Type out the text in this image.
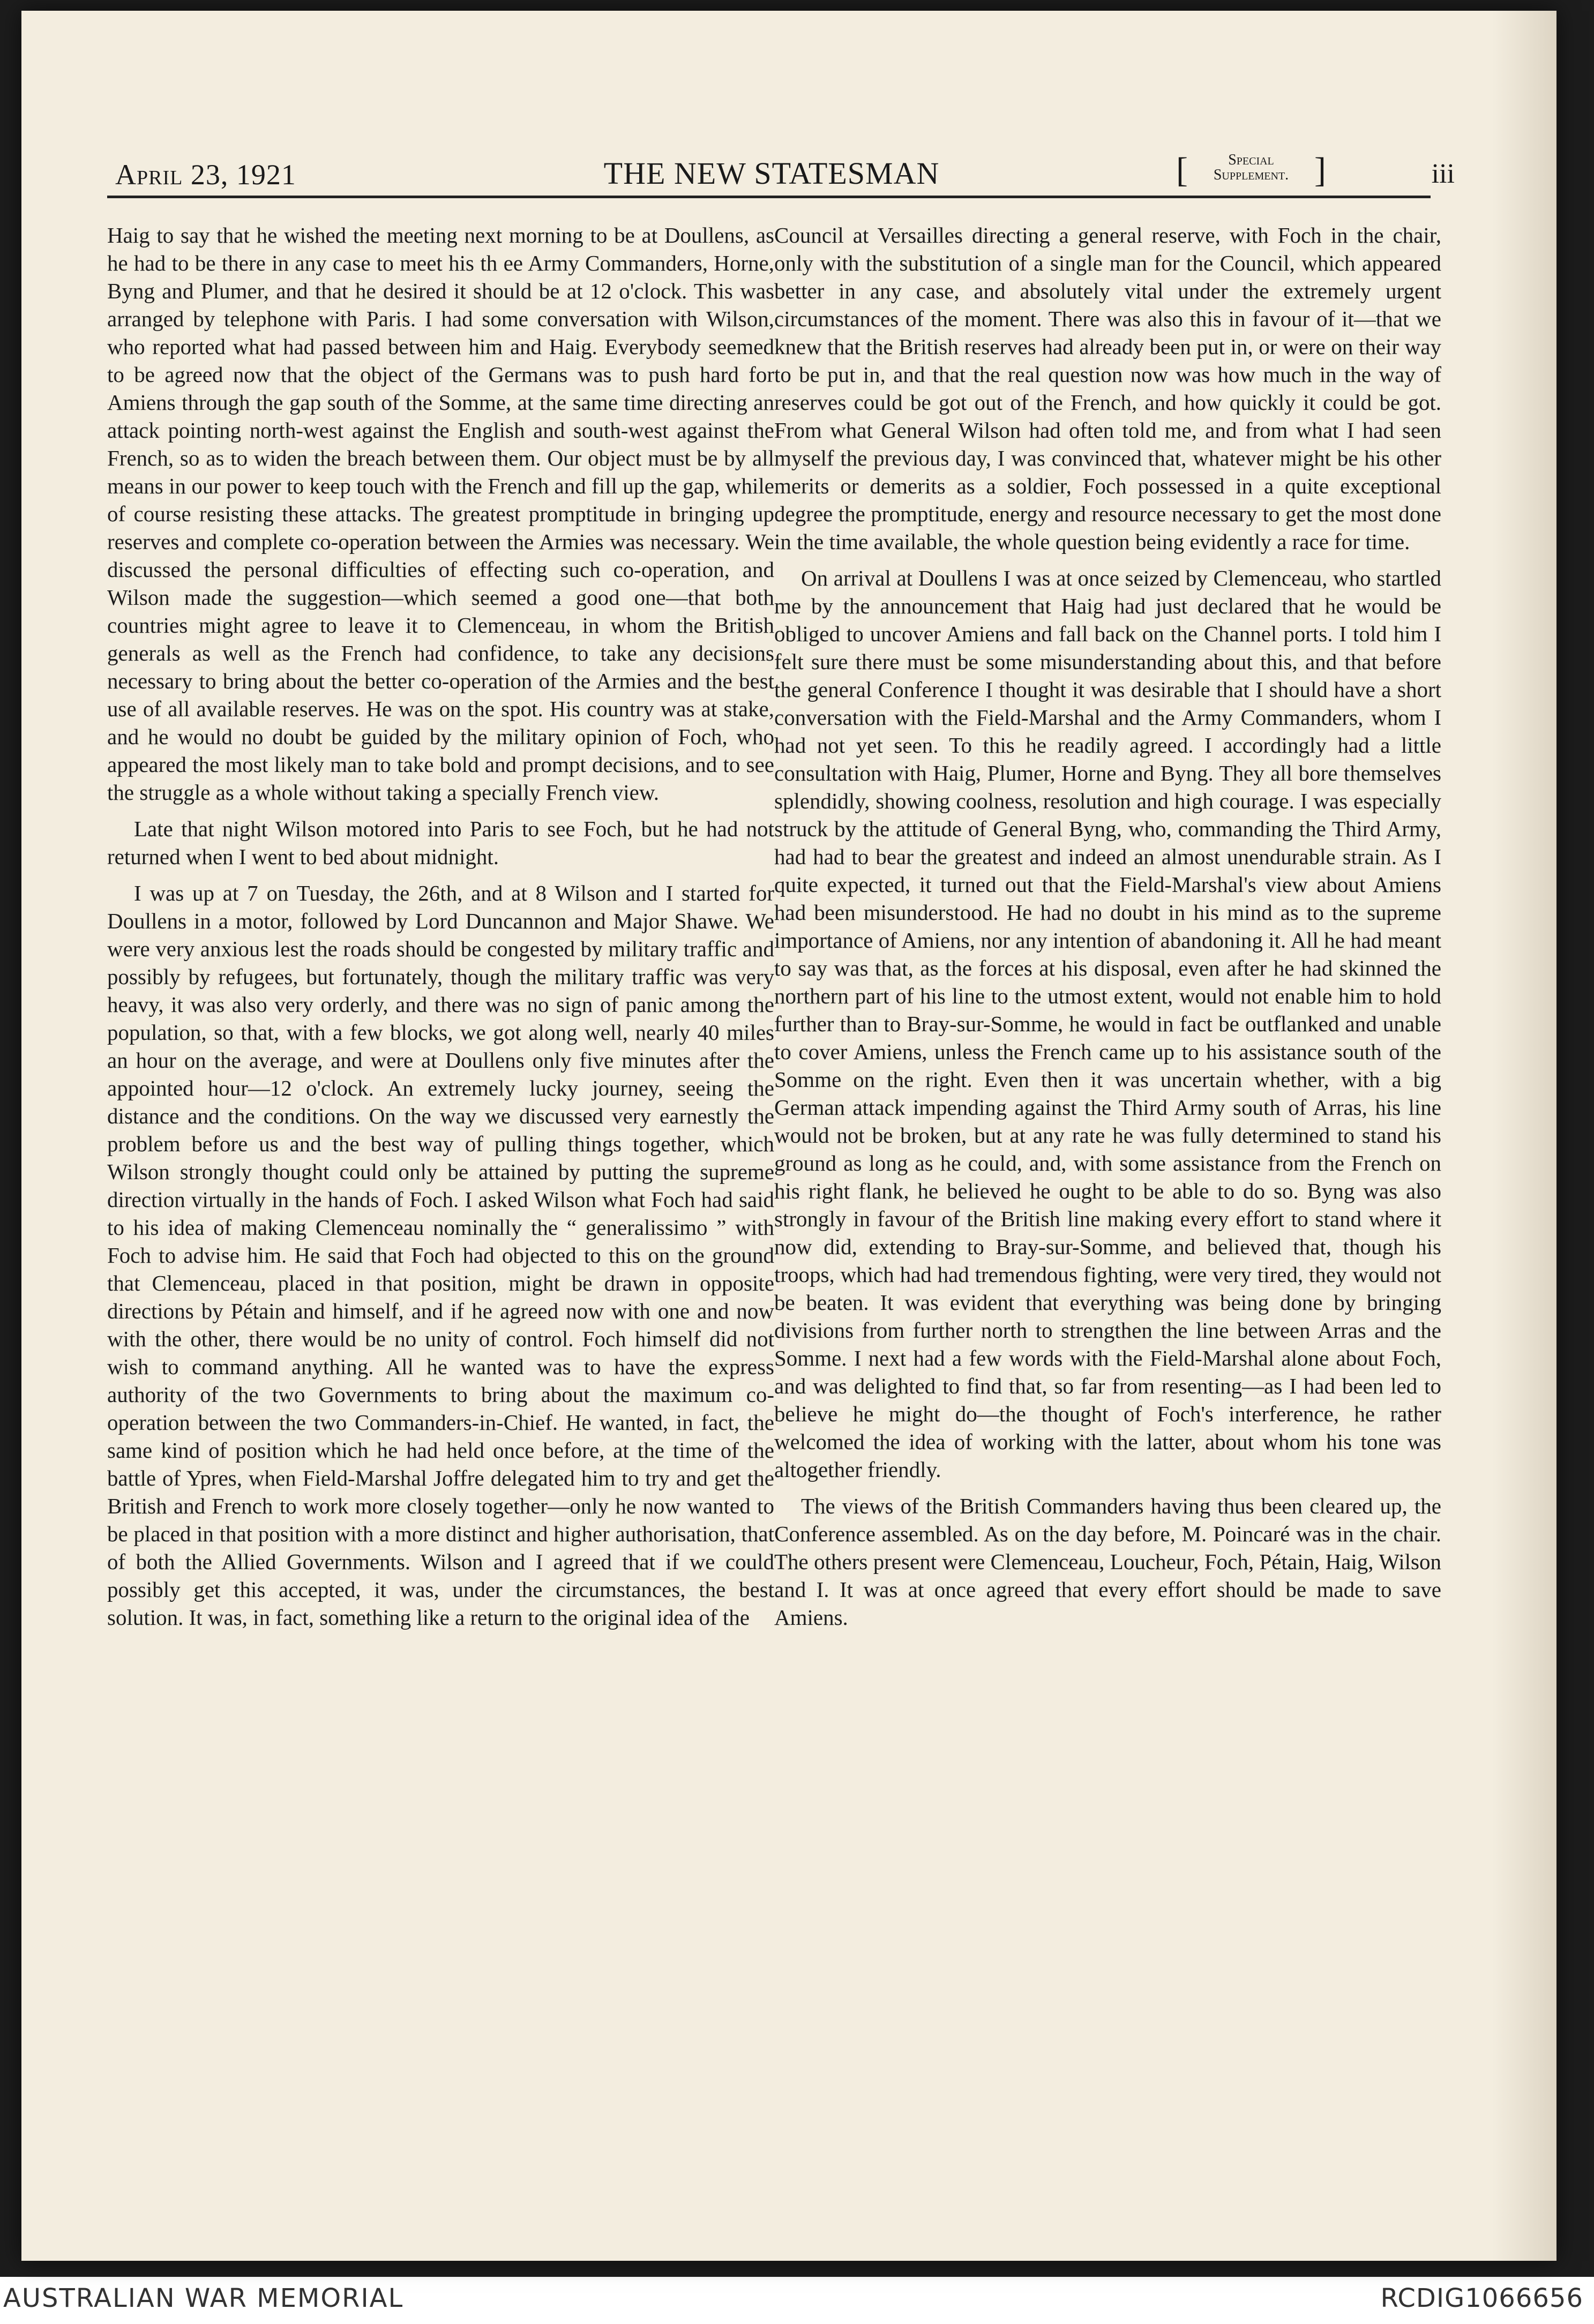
April 23, 1921	THE NEW STATESMAN	[	Special
Supplement. ]	iii

Haig to say that he wished the meeting next morning to be at Doullens, as he had to be there in any case to meet his th ee Army Commanders, Horne, Byng and Plumer, and that he desired it should be at 12 o'clock. This was arranged by telephone with Paris. I had some conversation with Wilson, who reported what had passed between him and Haig. Everybody seemed to be agreed now that the object of the Germans was to push hard for Amiens through the gap south of the Somme, at the same time directing an attack pointing north-west against the English and south-west against the French, so as to widen the breach between them. Our object must be by all means in our power to keep touch with the French and fill up the gap, while of course resisting these attacks. The greatest promptitude in bringing up reserves and complete co-operation between the Armies was necessary. We discussed the personal difficulties of effecting such co-operation, and Wilson made the suggestion—which seemed a good one—that both countries might agree to leave it to Clemenceau, in whom the British generals as well as the French had confidence, to take any decisions necessary to bring about the better co-operation of the Armies and the best use of all available reserves. He was on the spot. His country was at stake, and he would no doubt be guided by the military opinion of Foch, who appeared the most likely man to take bold and prompt decisions, and to see the struggle as a whole without taking a specially French view.

Late that night Wilson motored into Paris to see Foch, but he had not returned when I went to bed about midnight.

I was up at 7 on Tuesday, the 26th, and at 8 Wilson and I started for Doullens in a motor, followed by Lord Duncannon and Major Shawe. We were very anxious lest the roads should be congested by military traffic and possibly by refugees, but fortunately, though the military traffic was very heavy, it was also very orderly, and there was no sign of panic among the population, so that, with a few blocks, we got along well, nearly 40 miles an hour on the average, and were at Doullens only five minutes after the appointed hour—12 o'clock. An extremely lucky journey, seeing the distance and the conditions. On the way we discussed very earnestly the problem before us and the best way of pulling things together, which Wilson strongly thought could only be attained by putting the supreme direction virtually in the hands of Foch. I asked Wilson what Foch had said to his idea of making Clemenceau nominally the “ generalissimo ” with Foch to advise him. He said that Foch had objected to this on the ground that Clemenceau, placed in that position, might be drawn in opposite directions by Pétain and himself, and if he agreed now with one and now with the other, there would be no unity of control. Foch himself did not wish to command anything. All he wanted was to have the express authority of the two Governments to bring about the maximum co-operation between the two Commanders-in-Chief. He wanted, in fact, the same kind of position which he had held once before, at the time of the battle of Ypres, when Field-Marshal Joffre delegated him to try and get the British and French to work more closely together—only he now wanted to be placed in that position with a more distinct and higher authorisation, that of both the Allied Governments. Wilson and I agreed that if we could possibly get this accepted, it was, under the circumstances, the best solution. It was, in fact, something like a return to the original idea of the

Council at Versailles directing a general reserve, with Foch in the chair, only with the substitution of a single man for the Council, which appeared better in any case, and absolutely vital under the extremely urgent circumstances of the moment. There was also this in favour of it—that we knew that the British reserves had already been put in, or were on their way to be put in, and that the real question now was how much in the way of reserves could be got out of the French, and how quickly it could be got. From what General Wilson had often told me, and from what I had seen myself the previous day, I was convinced that, whatever might be his other merits or demerits as a soldier, Foch possessed in a quite exceptional degree the promptitude, energy and resource necessary to get the most done in the time available, the whole question being evidently a race for time.

On arrival at Doullens I was at once seized by Clemenceau, who startled me by the announcement that Haig had just declared that he would be obliged to uncover Amiens and fall back on the Channel ports. I told him I felt sure there must be some misunderstanding about this, and that before the general Conference I thought it was desirable that I should have a short conversation with the Field-Marshal and the Army Commanders, whom I had not yet seen. To this he readily agreed. I accordingly had a little consultation with Haig, Plumer, Horne and Byng. They all bore themselves splendidly, showing coolness, resolution and high courage. I was especially struck by the attitude of General Byng, who, commanding the Third Army, had had to bear the greatest and indeed an almost unendurable strain. As I quite expected, it turned out that the Field-Marshal's view about Amiens had been misunderstood. He had no doubt in his mind as to the supreme importance of Amiens, nor any intention of abandoning it. All he had meant to say was that, as the forces at his disposal, even after he had skinned the northern part of his line to the utmost extent, would not enable him to hold further than to Bray-sur-Somme, he would in fact be outflanked and unable to cover Amiens, unless the French came up to his assistance south of the Somme on the right. Even then it was uncertain whether, with a big German attack impending against the Third Army south of Arras, his line would not be broken, but at any rate he was fully determined to stand his ground as long as he could, and, with some assistance from the French on his right flank, he believed he ought to be able to do so. Byng was also strongly in favour of the British line making every effort to stand where it now did, extending to Bray-sur-Somme, and believed that, though his troops, which had had tremendous fighting, were very tired, they would not be beaten. It was evident that everything was being done by bringing divisions from further north to strengthen the line between Arras and the Somme. I next had a few words with the Field-Marshal alone about Foch, and was delighted to find that, so far from resenting—as I had been led to believe he might do—the thought of Foch's interference, he rather welcomed the idea of working with the latter, about whom his tone was altogether friendly.

The views of the British Commanders having thus been cleared up, the Conference assembled. As on the day before, M. Poincaré was in the chair. The others present were Clemenceau, Loucheur, Foch, Pétain, Haig, Wilson and I. It was at once agreed that every effort should be made to save Amiens.

AUSTRALIAN WAR MEMORIAL	RCDIG1066656
